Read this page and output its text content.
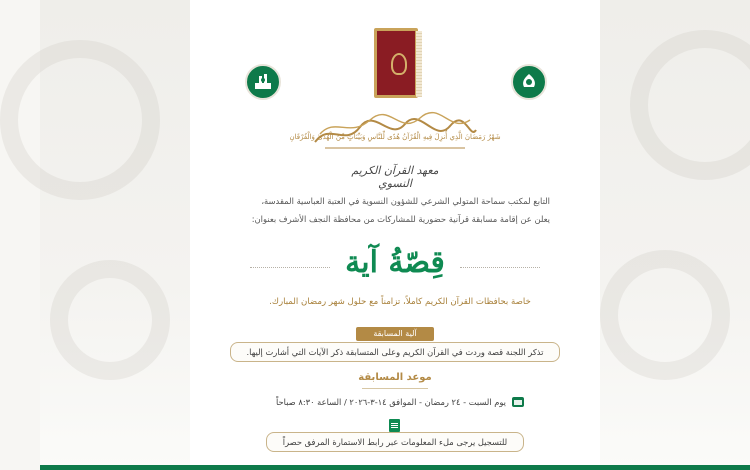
شَهْرُ رَمَضَانَ الَّذِي أُنزِلَ فِيهِ الْقُرْآنُ هُدًى لِّلنَّاسِ وَبَيِّنَاتٍ مِّنَ الْهُدَىٰ وَالْفُرْقَانِ
معهد القرآن الكريم النسوي
التابع لمكتب سماحة المتولي الشرعي للشؤون النسوية في العتبة العباسية المقدسة،
يعلن عن إقامة مسابقة قرآنية حضورية للمشاركات من محافظة النجف الأشرف بعنوان:
قِصّةُ آية
خاصة بحافظات القرآن الكريم كاملاً، تزامناً مع حلول شهر رمضان المبارك.
آلية المسابقة
تذكر اللجنة قصة وردت في القرآن الكريم وعلى المتسابقة ذكر الآيات التي أشارت إليها.
موعد المسابقة
يوم السبت - ٢٤ رمضان - الموافق ١٤-٣-٢٠٢٦ / الساعة ٨:٣٠ صباحاً
للتسجيل يرجى ملء المعلومات عبر رابط الاستمارة المرفق حصراً
